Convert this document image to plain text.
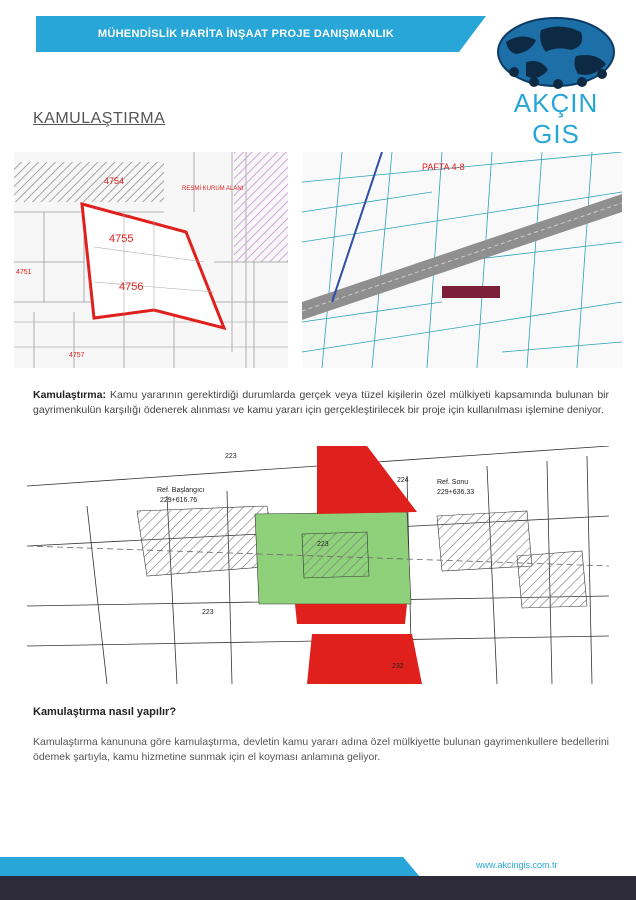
MÜHENDİSLİK HARİTA İNŞAAT PROJE DANIŞMANLIK
AKÇIN GIS
KAMULAŞTIRMA
4755
4756
4754
4751
4757
RESMİ KURUM ALANI
PAFTA 4-8
Kamulaştırma: Kamu yararının gerektirdiği durumlarda gerçek veya tüzel kişilerin özel mülkiyeti kapsamında bulunan bir gayrimenkulün karşılığı ödenerek alınması ve kamu yararı için gerçekleştirilecek bir proje için kullanılması işlemine deniyor.
Ref. Başlangıcı
229+616.76
Ref. Sonu
229+636.33
223
224
223
223
232
Kamulaştırma nasıl yapılır?
Kamulaştırma kanununa göre kamulaştırma, devletin kamu yararı adına özel mülkiyette bulunan gayrimenkullere bedellerini ödemek şartıyla, kamu hizmetine sunmak için el koyması anlamına geliyor.
www.akcingis.com.tr
